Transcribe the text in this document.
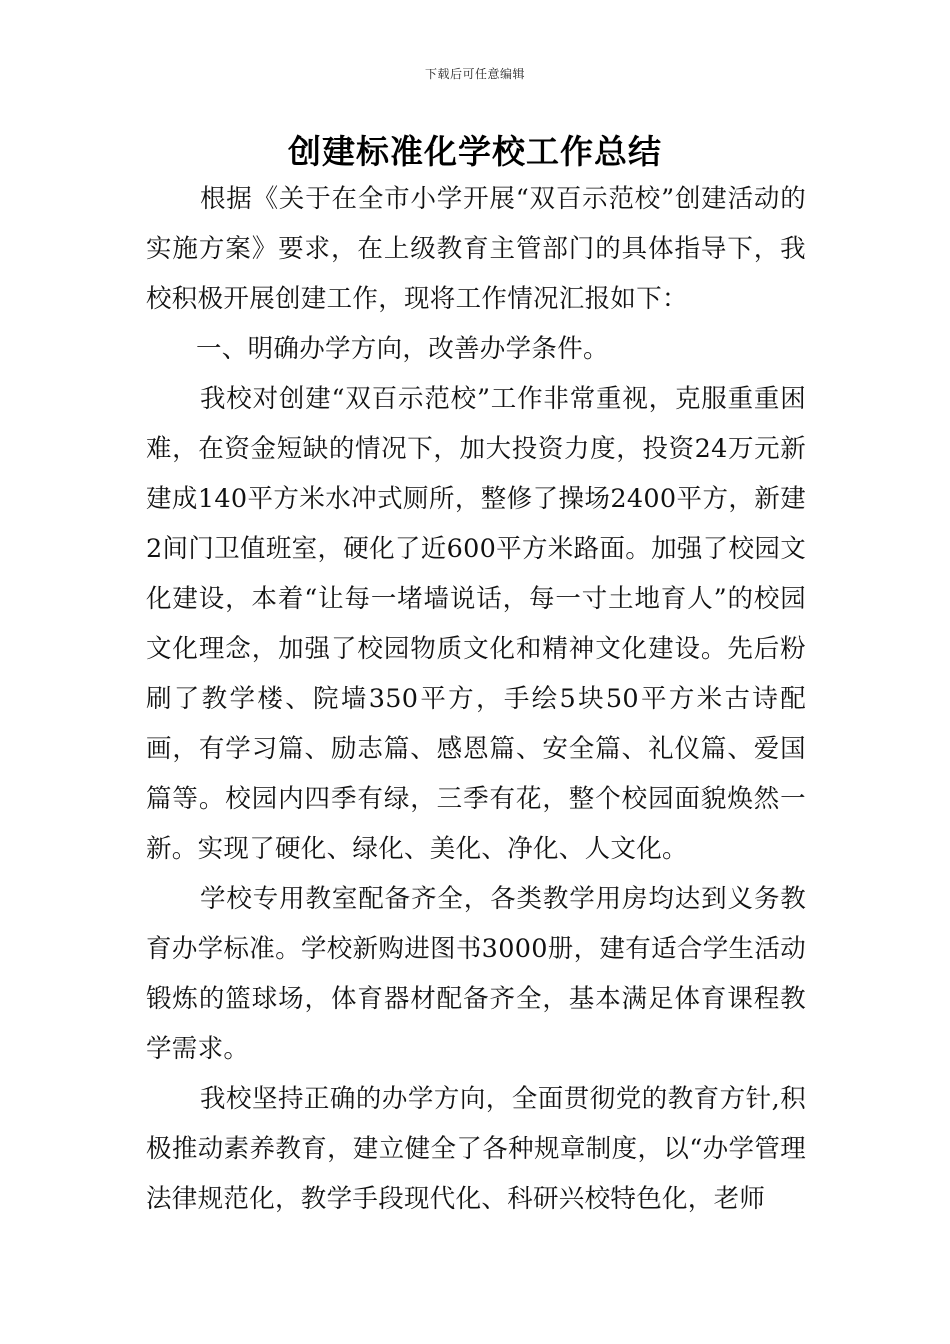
下载后可任意编辑
创建标准化学校工作总结

根据《关于在全市小学开展“双百示范校”创建活动的实施方案》要求，在上级教育主管部门的具体指导下，我校积极开展创建工作，现将工作情况汇报如下：

一、明确办学方向，改善办学条件。

我校对创建“双百示范校”工作非常重视，克服重重困难，在资金短缺的情况下，加大投资力度，投资24万元新建成140平方米水冲式厕所，整修了操场2400平方，新建2间门卫值班室，硬化了近600平方米路面。加强了校园文化建设，本着“让每一堵墙说话，每一寸土地育人”的校园文化理念，加强了校园物质文化和精神文化建设。先后粉刷了教学楼、院墙350平方，手绘5块50平方米古诗配画，有学习篇、励志篇、感恩篇、安全篇、礼仪篇、爱国篇等。校园内四季有绿，三季有花，整个校园面貌焕然一新。实现了硬化、绿化、美化、净化、人文化。

学校专用教室配备齐全，各类教学用房均达到义务教育办学标准。学校新购进图书3000册，建有适合学生活动锻炼的篮球场，体育器材配备齐全，基本满足体育课程教学需求。

我校坚持正确的办学方向，全面贯彻党的教育方针,积极推动素养教育，建立健全了各种规章制度，以“办学管理法律规范化，教学手段现代化、科研兴校特色化，老师
